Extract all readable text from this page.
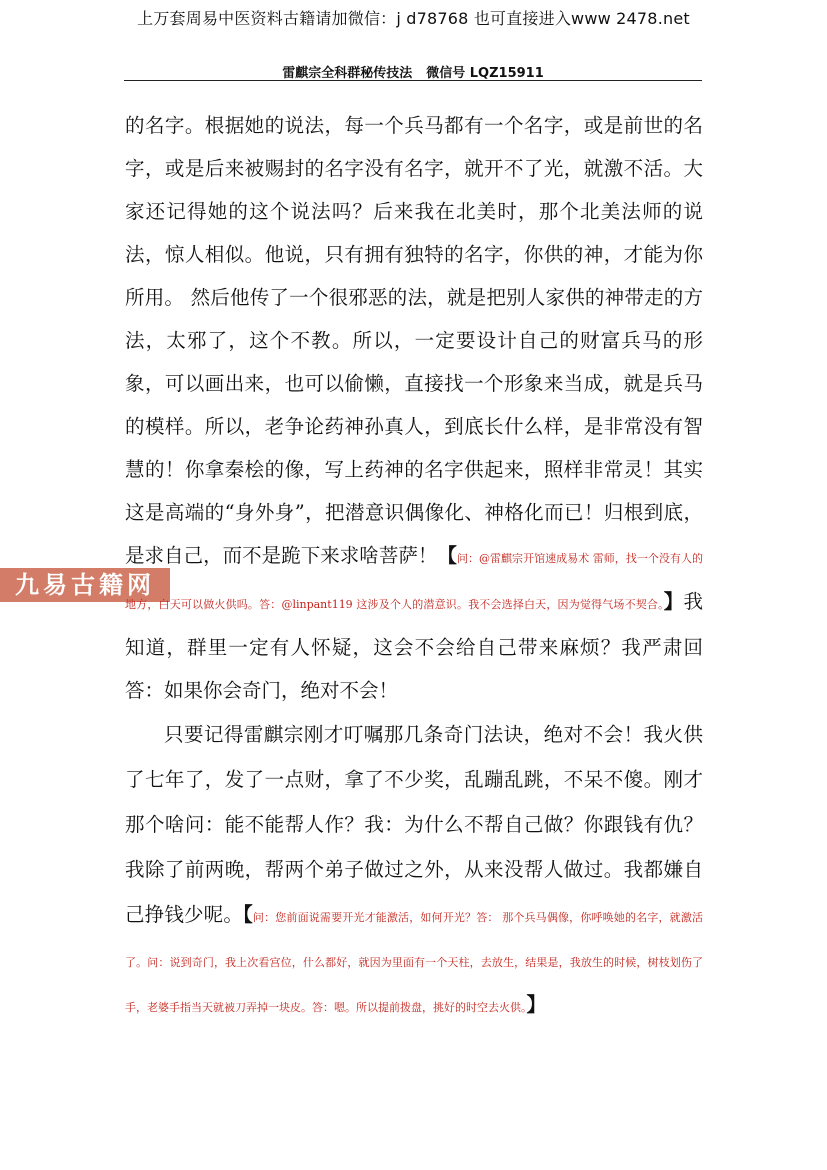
上万套周易中医资料古籍请加微信：j d78768 也可直接进入www 2478.net
雷麒宗全科群秘传技法 微信号 LQZ15911
九易古籍网

的名字。根据她的说法，每一个兵马都有一个名字，或是前世的名字，或是后来被赐封的名字没有名字，就开不了光，就激不活。大家还记得她的这个说法吗？后来我在北美时，那个北美法师的说法，惊人相似。他说，只有拥有独特的名字，你供的神，才能为你所用。 然后他传了一个很邪恶的法，就是把别人家供的神带走的方法，太邪了，这个不教。所以，一定要设计自己的财富兵马的形象，可以画出来，也可以偷懒，直接找一个形象来当成，就是兵马的模样。所以，老争论药神孙真人，到底长什么样，是非常没有智慧的！你拿秦桧的像，写上药神的名字供起来，照样非常灵！其实这是高端的“身外身”，把潜意识偶像化、神格化而已！归根到底，是求自己，而不是跪下来求啥菩萨！【问：@雷麒宗开馆速成易术 雷师，找一个没有人的地方，白天可以做火供吗。答：@linpant119 这涉及个人的潜意识。我不会选择白天，因为觉得气场不契合。】我知道，群里一定有人怀疑，这会不会给自己带来麻烦？我严肃回答：如果你会奇门，绝对不会！

只要记得雷麒宗刚才叮嘱那几条奇门法诀，绝对不会！我火供了七年了，发了一点财，拿了不少奖，乱蹦乱跳，不呆不傻。刚才那个啥问：能不能帮人作？我：为什么不帮自己做？你跟钱有仇？我除了前两晚，帮两个弟子做过之外，从来没帮人做过。我都嫌自己挣钱少呢。【问：您前面说需要开光才能激活，如何开光？答： 那个兵马偶像，你呼唤她的名字，就激活了。问：说到奇门，我上次看宫位，什么都好，就因为里面有一个天柱，去放生，结果是，我放生的时候，树枝划伤了手，老婆手指当天就被刀弄掉一块皮。答：嗯。所以提前拨盘，挑好的时空去火供。】
